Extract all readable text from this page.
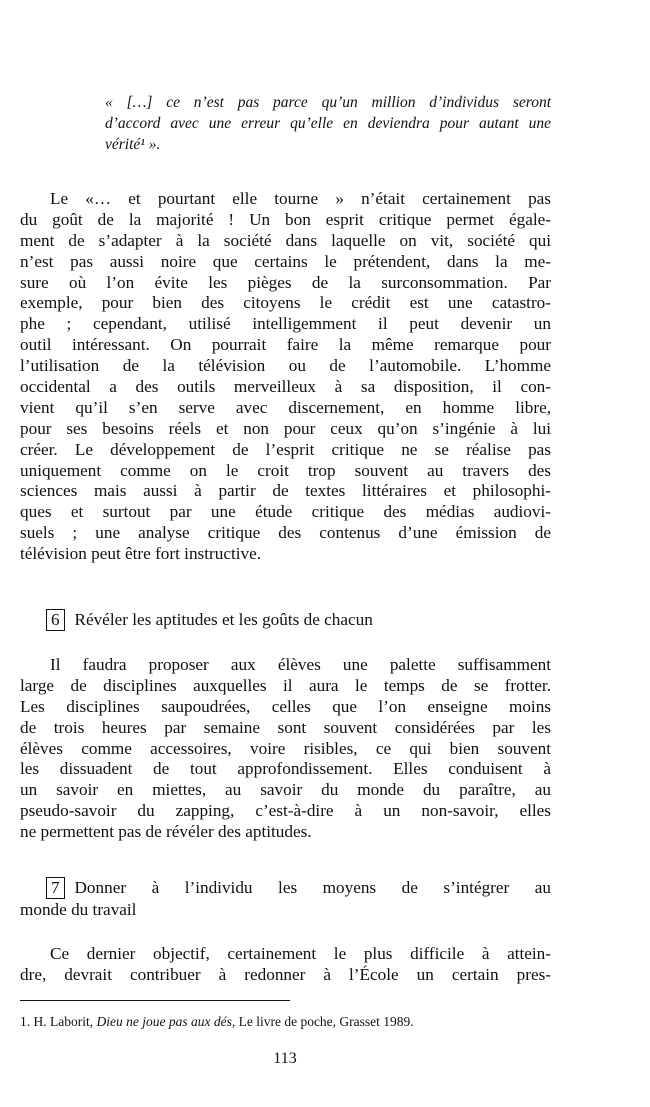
« […] ce n’est pas parce qu’un million d’individus seront
d’accord avec une erreur qu’elle en deviendra pour autant une
vérité¹ ».
Le «… et pourtant elle tourne » n’était certainement pas
du goût de la majorité ! Un bon esprit critique permet égale-
ment de s’adapter à la société dans laquelle on vit, société qui
n’est pas aussi noire que certains le prétendent, dans la me-
sure où l’on évite les pièges de la surconsommation. Par
exemple, pour bien des citoyens le crédit est une catastro-
phe ; cependant, utilisé intelligemment il peut devenir un
outil intéressant. On pourrait faire la même remarque pour
l’utilisation de la télévision ou de l’automobile. L’homme
occidental a des outils merveilleux à sa disposition, il con-
vient qu’il s’en serve avec discernement, en homme libre,
pour ses besoins réels et non pour ceux qu’on s’ingénie à lui
créer. Le développement de l’esprit critique ne se réalise pas
uniquement comme on le croit trop souvent au travers des
sciences mais aussi à partir de textes littéraires et philosophi-
ques et surtout par une étude critique des médias audiovi-
suels ; une analyse critique des contenus d’une émission de
télévision peut être fort instructive.
6 Révéler les aptitudes et les goûts de chacun
Il faudra proposer aux élèves une palette suffisamment
large de disciplines auxquelles il aura le temps de se frotter.
Les disciplines saupoudrées, celles que l’on enseigne moins
de trois heures par semaine sont souvent considérées par les
élèves comme accessoires, voire risibles, ce qui bien souvent
les dissuadent de tout approfondissement. Elles conduisent à
un savoir en miettes, au savoir du monde du paraître, au
pseudo-savoir du zapping, c’est-à-dire à un non-savoir, elles
ne permettent pas de révéler des aptitudes.
7 Donner à l’individu les moyens de s’intégrer au
monde du travail
Ce dernier objectif, certainement le plus difficile à attein-
dre, devrait contribuer à redonner à l’École un certain pres-
1. H. Laborit, Dieu ne joue pas aux dés, Le livre de poche, Grasset 1989.
113
